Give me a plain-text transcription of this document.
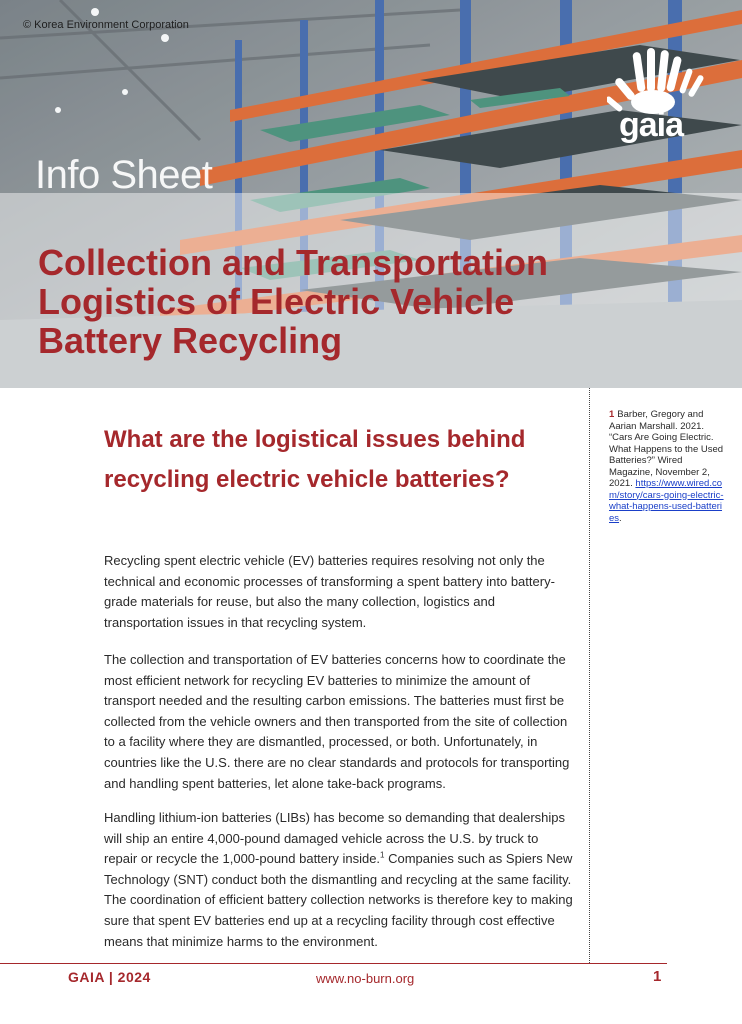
© Korea Environment Corporation
Info Sheet
Collection and Transportation Logistics of Electric Vehicle Battery Recycling
gaia
What are the logistical issues behind recycling electric vehicle batteries?

Recycling spent electric vehicle (EV) batteries requires resolving not only the technical and economic processes of transforming a spent battery into battery-grade materials for reuse, but also the many collection, logistics and transportation issues in that recycling system.

The collection and transportation of EV batteries concerns how to coordinate the most efficient network for recycling EV batteries to minimize the amount of transport needed and the resulting carbon emissions. The batteries must first be collected from the vehicle owners and then transported from the site of collection to a facility where they are dismantled, processed, or both. Unfortunately, in countries like the U.S. there are no clear standards and protocols for transporting and handling spent batteries, let alone take-back programs.

Handling lithium-ion batteries (LIBs) has become so demanding that dealerships will ship an entire 4,000-pound damaged vehicle across the U.S. by truck to repair or recycle the 1,000-pound battery inside.$^1$ Companies such as Spiers New Technology (SNT) conduct both the dismantling and recycling at the same facility. The coordination of efficient battery collection networks is therefore key to making sure that spent EV batteries end up at a recycling facility through cost effective means that minimize harms to the environment.

1 Barber, Gregory and Aarian Marshall. 2021. “Cars Are Going Electric. What Happens to the Used Batteries?” Wired Magazine, November 2, 2021. https://www.wired.com/story/cars-going-electric-what-happens-used-batteries.
GAIA | 2024	www.no-burn.org	1
